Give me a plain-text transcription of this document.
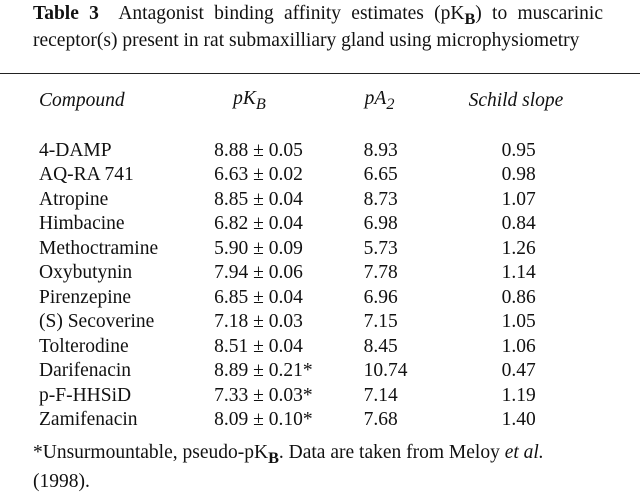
Table 3 Antagonist binding affinity estimates $(pK_B)$ to muscarinic receptor(s) present in rat submaxilliary gland using microphysiometry
Compound	$pK_B$	$pA_2$	Schild slope
4-DAMP	8.88 ± 0.05	8.93	0.95
AQ-RA 741	6.63 ± 0.02	6.65	0.98
Atropine	8.85 ± 0.04	8.73	1.07
Himbacine	6.82 ± 0.04	6.98	0.84
Methoctramine	5.90 ± 0.09	5.73	1.26
Oxybutynin	7.94 ± 0.06	7.78	1.14
Pirenzepine	6.85 ± 0.04	6.96	0.86
(S) Secoverine	7.18 ± 0.03	7.15	1.05
Tolterodine	8.51 ± 0.04	8.45	1.06
Darifenacin	8.89 ± 0.21*	10.74	0.47
p-F-HHSiD	7.33 ± 0.03*	7.14	1.19
Zamifenacin	8.09 ± 0.10*	7.68	1.40
*Unsurmountable, pseudo-$pK_B$. Data are taken from Meloy et al. (1998).
